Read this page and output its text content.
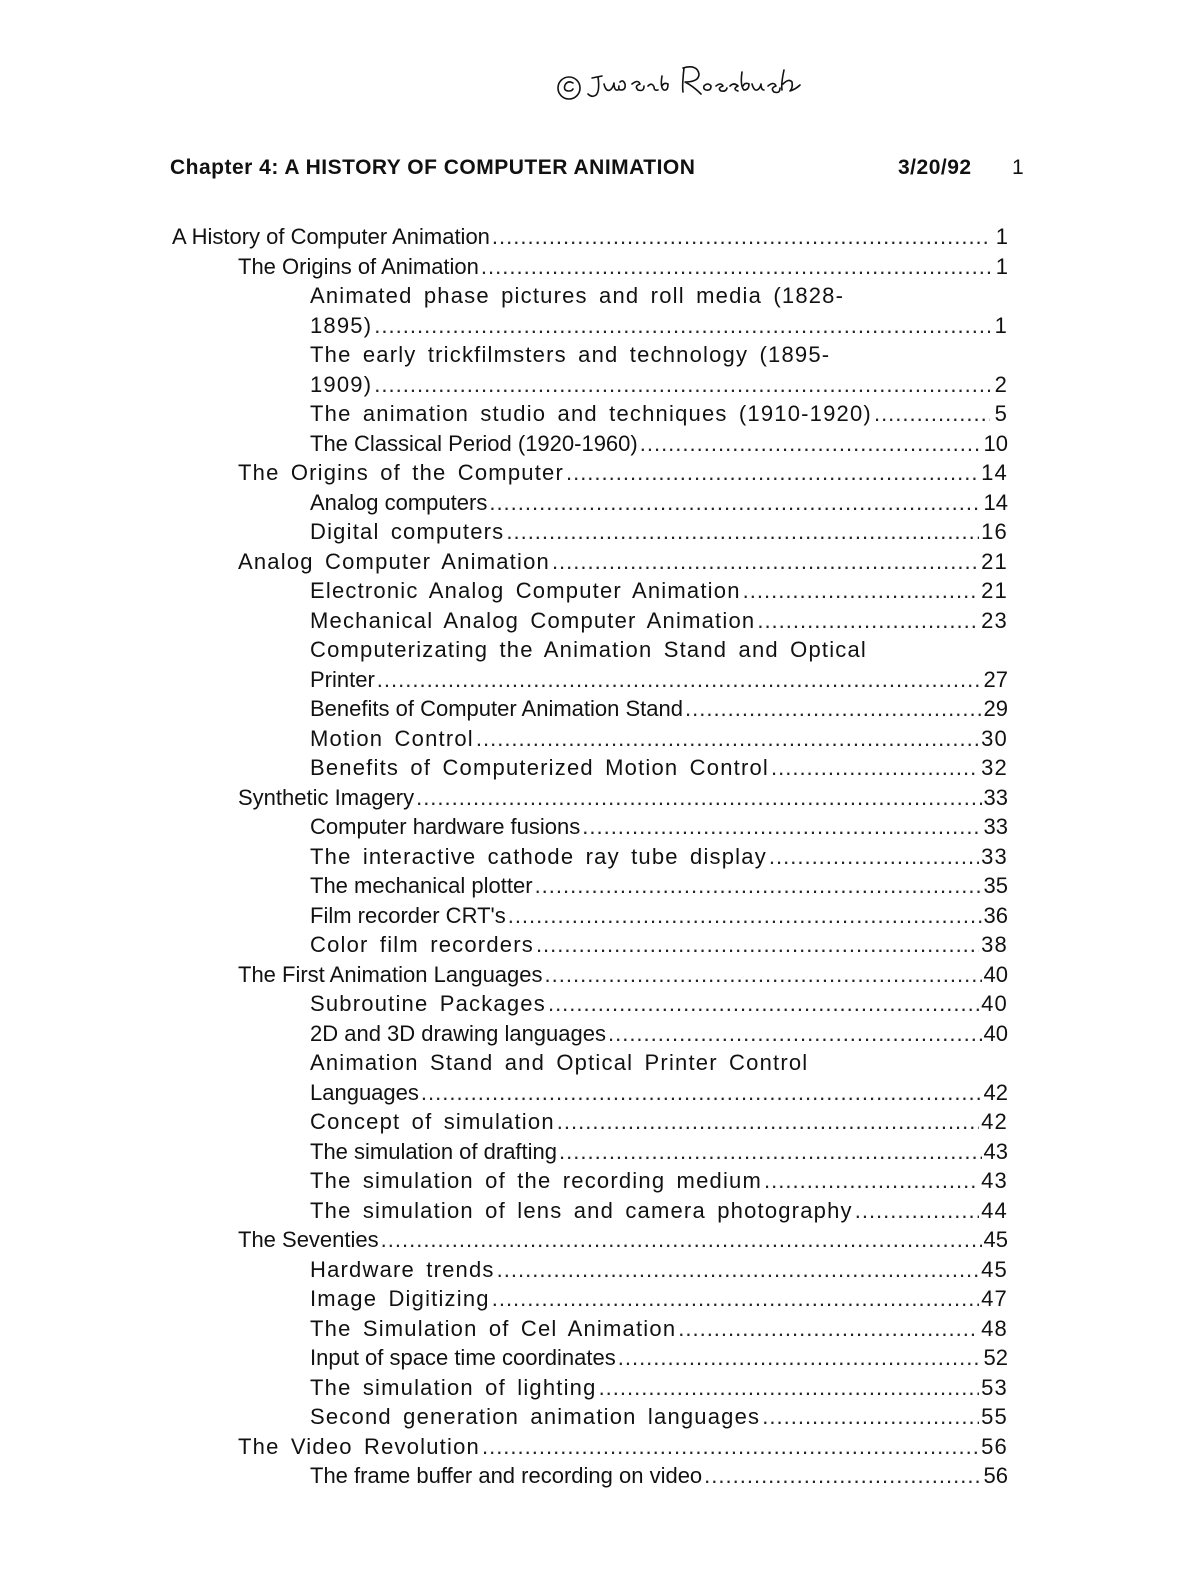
Chapter 4: A HISTORY OF COMPUTER ANIMATION	3/20/92 1
A History of Computer Animation .....	1
The Origins of Animation .....	1
Animated phase pictures and roll media (1828-
1895) .....	1
The early trickfilmsters and technology (1895-
1909) .....	2
The animation studio and techniques (1910-1920) .....	5
The Classical Period (1920-1960) .....	10
The Origins of the Computer .....	14
Analog computers .....	14
Digital computers .....	16
Analog Computer Animation .....	21
Electronic Analog Computer Animation .....	21
Mechanical Analog Computer Animation .....	23
Computerizating the Animation Stand and Optical
Printer .....	27
Benefits of Computer Animation Stand .....	29
Motion Control .....	30
Benefits of Computerized Motion Control .....	32
Synthetic Imagery .....	33
Computer hardware fusions .....	33
The interactive cathode ray tube display .....	33
The mechanical plotter .....	35
Film recorder CRT's .....	36
Color film recorders .....	38
The First Animation Languages .....	40
Subroutine Packages .....	40
2D and 3D drawing languages .....	40
Animation Stand and Optical Printer Control
Languages .....	42
Concept of simulation .....	42
The simulation of drafting .....	43
The simulation of the recording medium .....	43
The simulation of lens and camera photography .....	44
The Seventies .....	45
Hardware trends .....	45
Image Digitizing .....	47
The Simulation of Cel Animation .....	48
Input of space time coordinates .....	52
The simulation of lighting .....	53
Second generation animation languages .....	55
The Video Revolution .....	56
The frame buffer and recording on video .....	56
